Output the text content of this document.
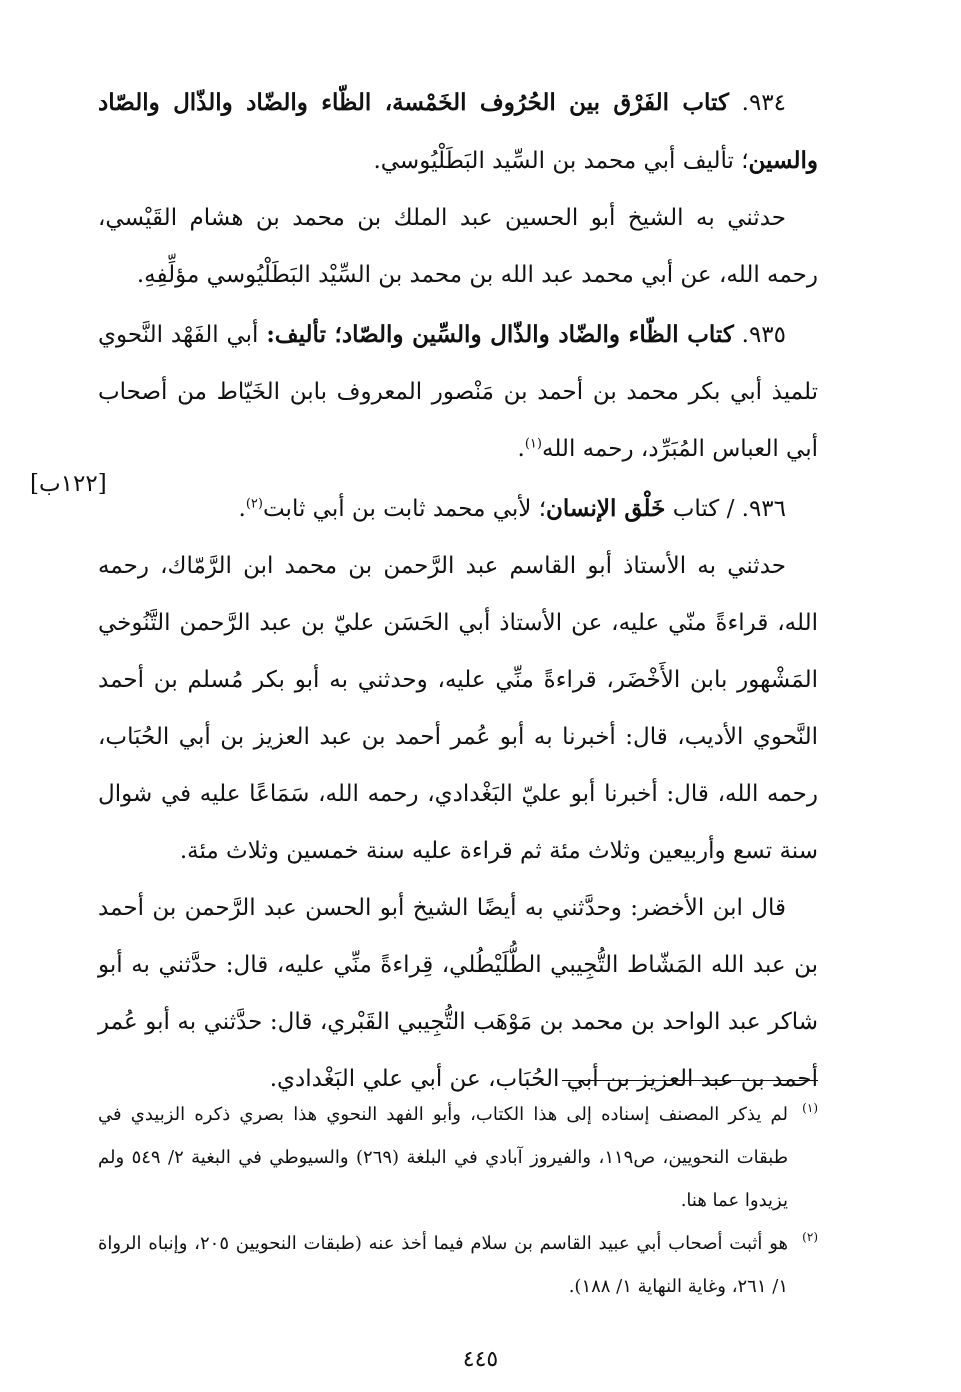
٩٣٤. كتاب الفَرْق بين الحُرُوف الخَمْسة، الظّاء والضّاد والذّال والصّاد والسين؛ تأليف أبي محمد بن السِّيد البَطَلْيُوسي.

حدثني به الشيخ أبو الحسين عبد الملك بن محمد بن هشام القَيْسي، رحمه الله، عن أبي محمد عبد الله بن محمد بن السِّيْد البَطَلْيُوسي مؤلِّفِهِ.

٩٣٥. كتاب الظّاء والضّاد والذّال والسِّين والصّاد؛ تأليف: أبي الفَهْد النَّحوي تلميذ أبي بكر محمد بن أحمد بن مَنْصور المعروف بابن الخَيّاط من أصحاب أبي العباس المُبَرِّد، رحمه الله$^{(١)}$.

٩٣٦. / كتاب خَلْق الإنسان؛ لأبي محمد ثابت بن أبي ثابت$^{(٢)}$.

حدثني به الأستاذ أبو القاسم عبد الرَّحمن بن محمد ابن الرَّمّاك، رحمه الله، قراءةً منّي عليه، عن الأستاذ أبي الحَسَن عليّ بن عبد الرَّحمن التَّنُوخي المَشْهور بابن الأَخْضَر، قراءةً منِّي عليه، وحدثني به أبو بكر مُسلم بن أحمد النَّحوي الأديب، قال: أخبرنا به أبو عُمر أحمد بن عبد العزيز بن أبي الحُبَاب، رحمه الله، قال: أخبرنا أبو عليّ البَغْدادي، رحمه الله، سَمَاعًا عليه في شوال سنة تسع وأربيعين وثلاث مئة ثم قراءة عليه سنة خمسين وثلاث مئة.

قال ابن الأخضر: وحدَّثني به أيضًا الشيخ أبو الحسن عبد الرَّحمن بن أحمد بن عبد الله المَشّاط التُّجِيبي الطُّلَيْطُلي، قِراءةً منِّي عليه، قال: حدَّثني به أبو شاكر عبد الواحد بن محمد بن مَوْهَب التُّجِيبي القَبْري، قال: حدَّثني به أبو عُمر أحمد بن عبد العزيز بن أبي الحُبَاب، عن أبي علي البَغْدادي.

[١٢٢ب]
(١)
لم يذكر المصنف إسناده إلى هذا الكتاب، وأبو الفهد النحوي هذا بصري ذكره الزبيدي في طبقات النحويين، ص١١٩، والفيروز آبادي في البلغة (٢٦٩) والسيوطي في البغية ٢/ ٥٤٩ ولم يزيدوا عما هنا.
(٢)
هو أثبت أصحاب أبي عبيد القاسم بن سلام فيما أخذ عنه (طبقات النحويين ٢٠٥، وإنباه الرواة ١/ ٢٦١، وغاية النهاية ١/ ١٨٨).
٤٤٥
